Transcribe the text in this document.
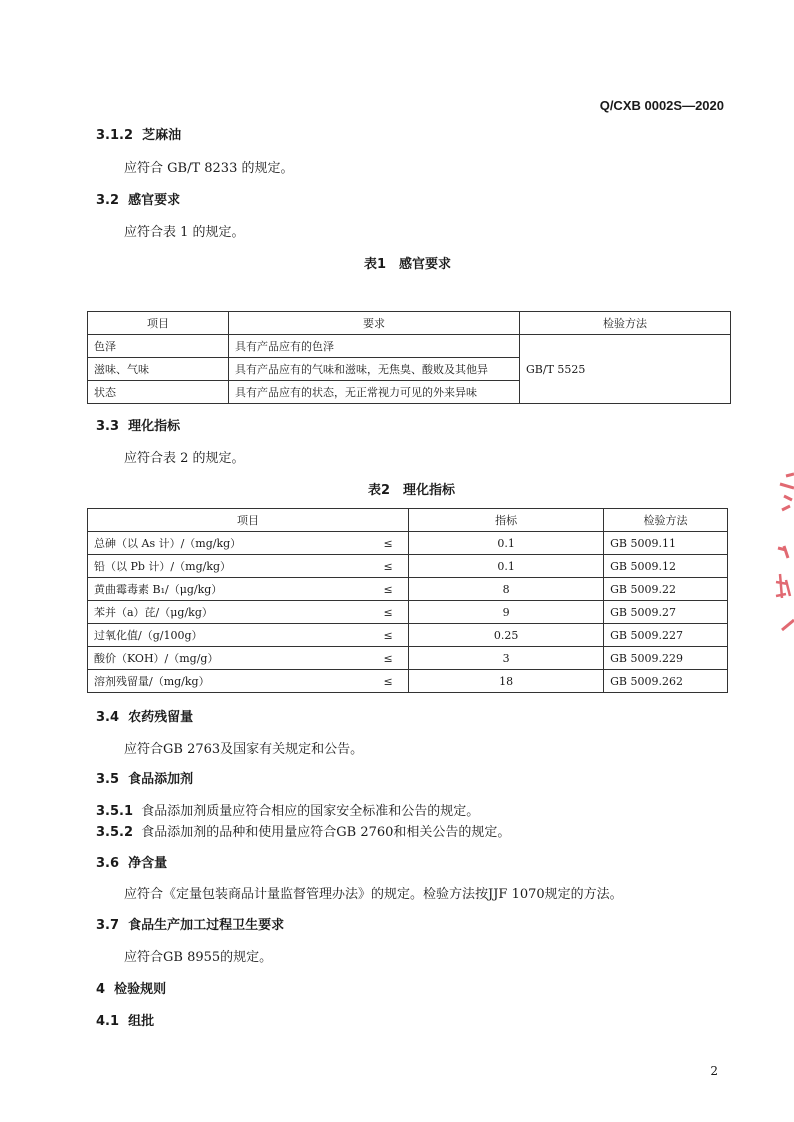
Q/CXB 0002S—2020
3.1.2 芝麻油
应符合 GB/T 8233 的规定。
3.2 感官要求
应符合表 1 的规定。
表1　感官要求
项目	要求	检验方法
色泽	具有产品应有的色泽	GB/T 5525
滋味、气味	具有产品应有的气味和滋味，无焦臭、酸败及其他异	
状态	具有产品应有的状态，无正常视力可见的外来异味	
3.3 理化指标
应符合表 2 的规定。
表2　理化指标
项目		指标	检验方法
总砷（以 As 计）/（mg/kg）	≤	0.1	GB 5009.11
铅（以 Pb 计）/（mg/kg）	≤	0.1	GB 5009.12
黄曲霉毒素 B₁/（μg/kg）	≤	8	GB 5009.22
苯并（a）芘/（μg/kg）	≤	9	GB 5009.27
过氧化值/（g/100g）	≤	0.25	GB 5009.227
酸价（KOH）/（mg/g）	≤	3	GB 5009.229
溶剂残留量/（mg/kg）	≤	18	GB 5009.262
3.4 农药残留量
应符合GB 2763及国家有关规定和公告。
3.5 食品添加剂
3.5.1 食品添加剂质量应符合相应的国家安全标准和公告的规定。
3.5.2 食品添加剂的品种和使用量应符合GB 2760和相关公告的规定。
3.6 净含量
应符合《定量包装商品计量监督管理办法》的规定。检验方法按JJF 1070规定的方法。
3.7 食品生产加工过程卫生要求
应符合GB 8955的规定。
4 检验规则
4.1 组批
2
